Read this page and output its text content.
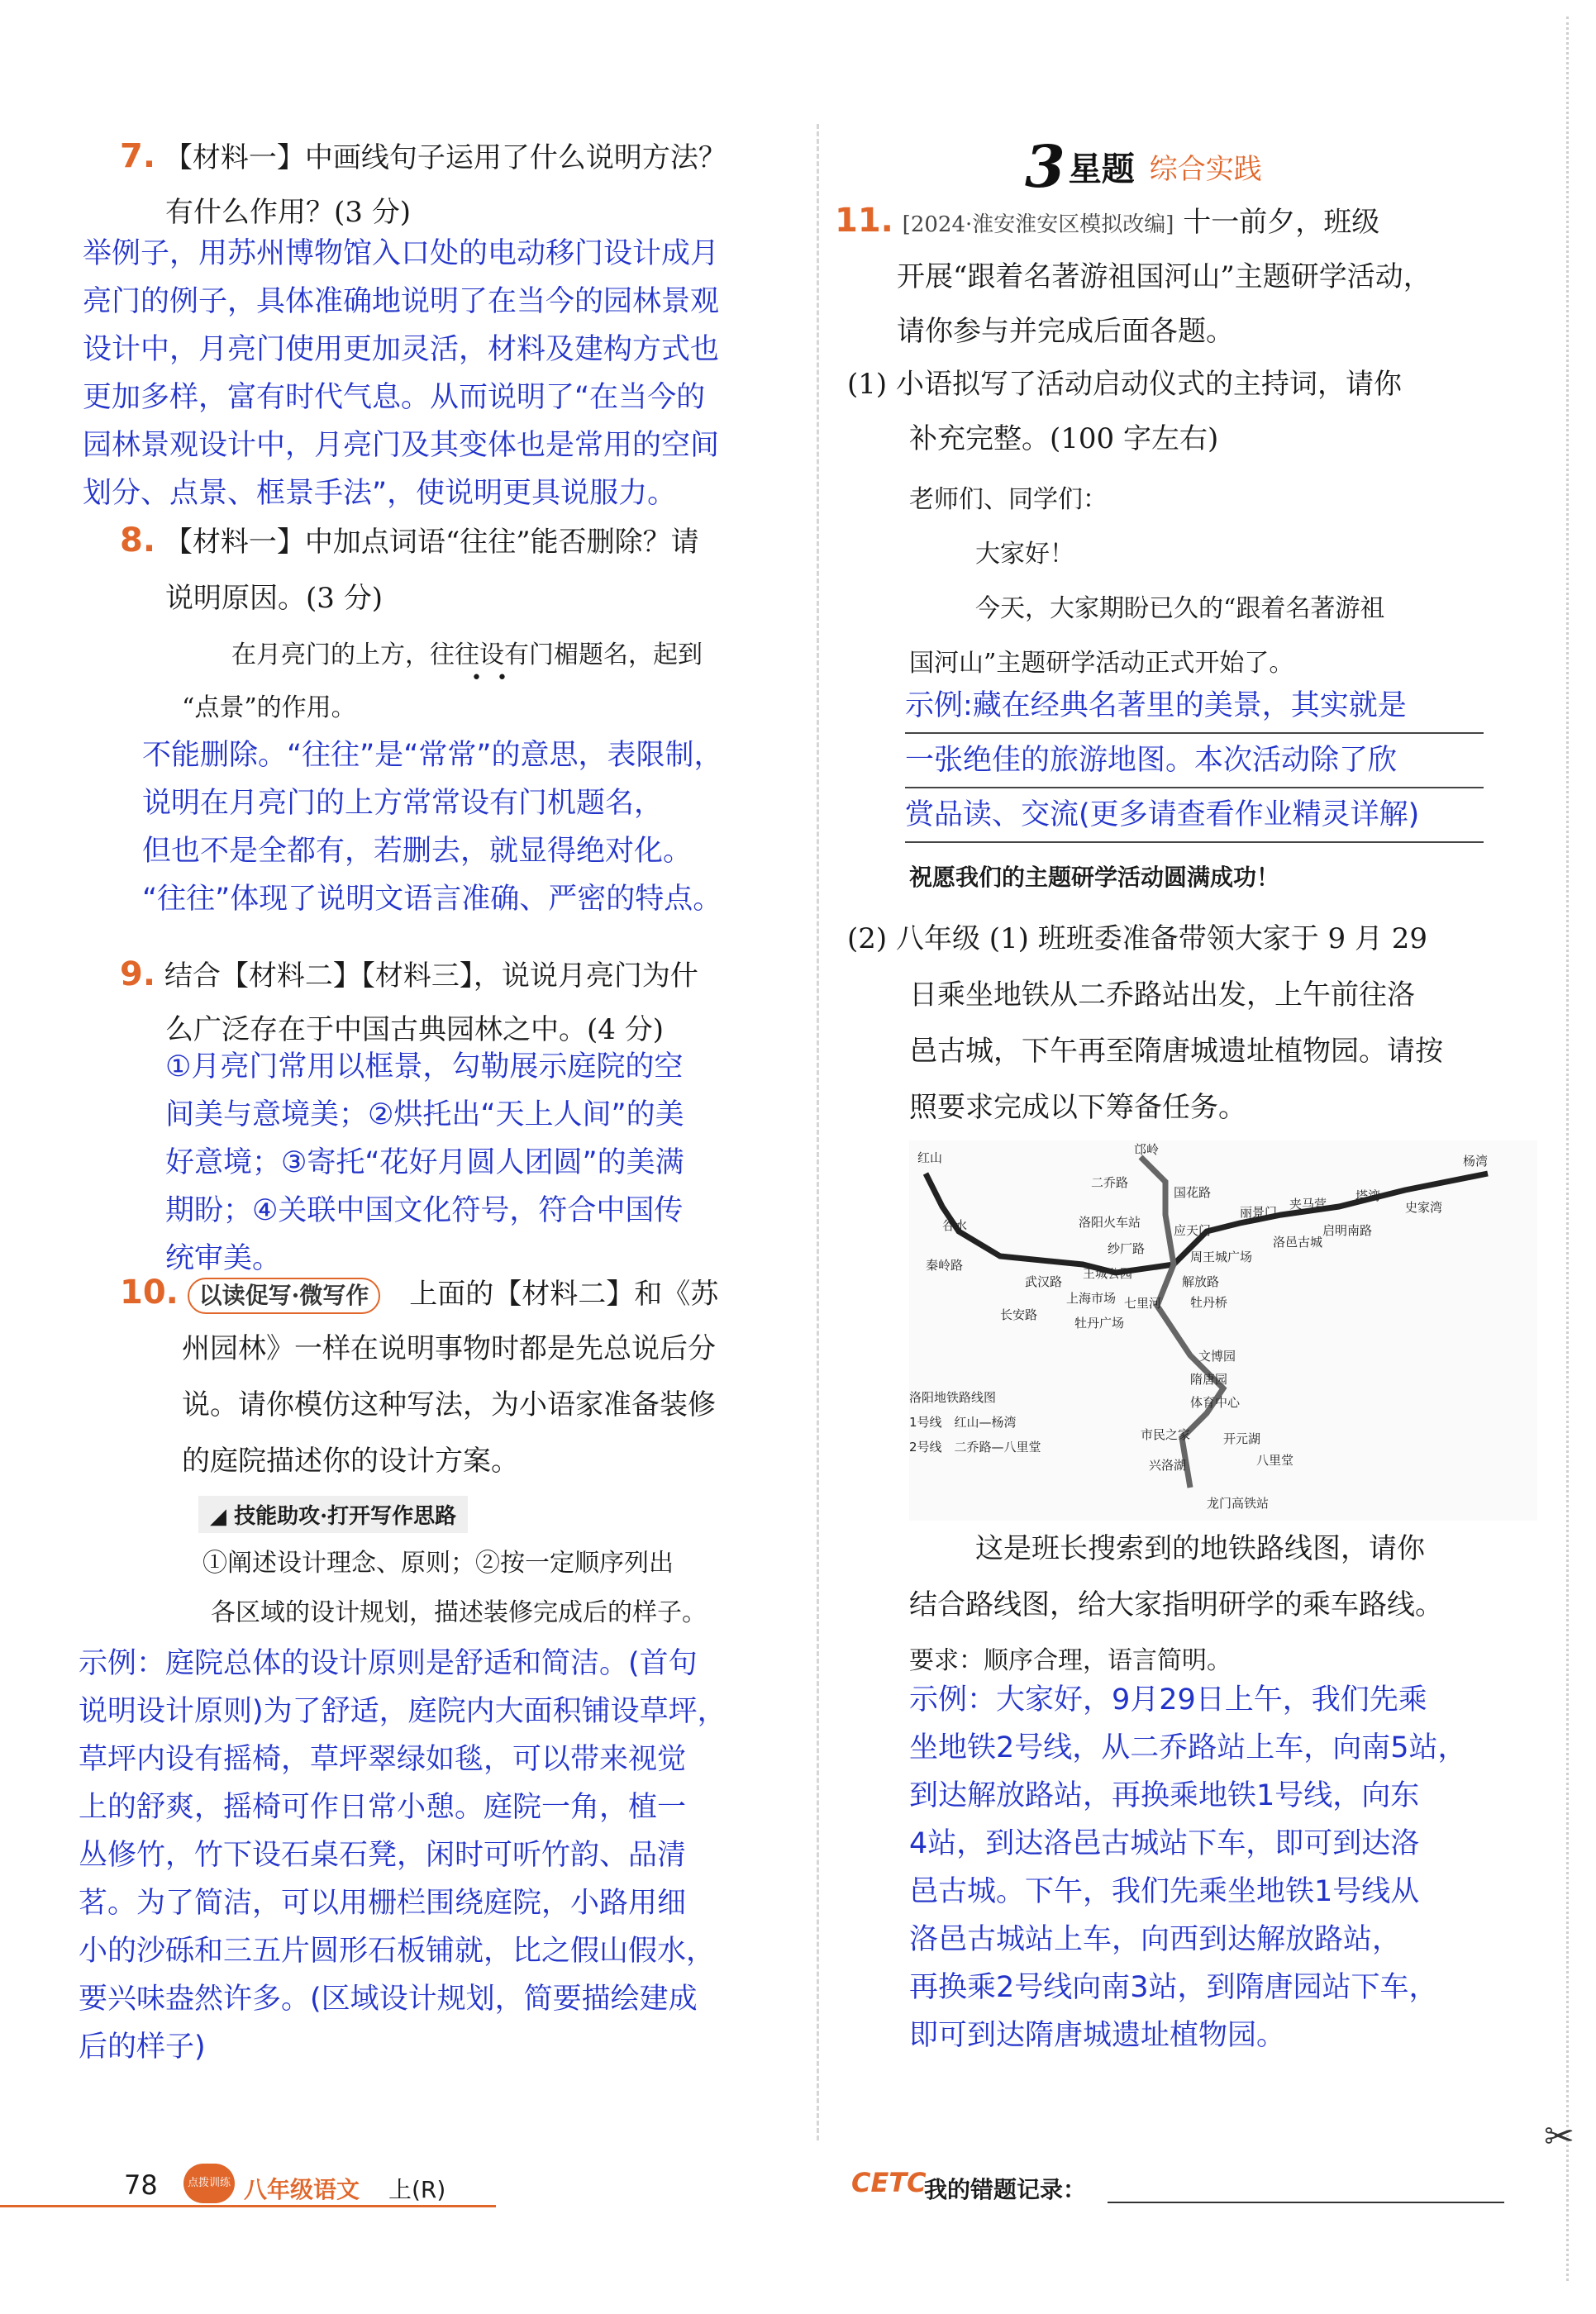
✂
7. 【材料一】中画线句子运用了什么说明方法？
有什么作用？(3 分)
举例子，用苏州博物馆入口处的电动移门设计成月
亮门的例子，具体准确地说明了在当今的园林景观
设计中，月亮门使用更加灵活，材料及建构方式也
更加多样，富有时代气息。从而说明了“在当今的
园林景观设计中，月亮门及其变体也是常用的空间
划分、点景、框景手法”，使说明更具说服力。
8. 【材料一】中加点词语“往往”能否删除？请
说明原因。(3 分)
在月亮门的上方，往往设有门楣题名，起到
“点景”的作用。
••
不能删除。“往往”是“常常”的意思，表限制，
说明在月亮门的上方常常设有门机题名，
但也不是全都有，若删去，就显得绝对化。
“往往”体现了说明文语言准确、严密的特点。
9. 结合【材料二】【材料三】，说说月亮门为什
么广泛存在于中国古典园林之中。(4 分)
①月亮门常用以框景，勾勒展示庭院的空
间美与意境美；②烘托出“天上人间”的美
好意境；③寄托“花好月圆人团圆”的美满
期盼；④关联中国文化符号，符合中国传
统审美。
10. 以读促写·微写作 上面的【材料二】和《苏
州园林》一样在说明事物时都是先总说后分
说。请你模仿这种写法，为小语家准备装修
的庭院描述你的设计方案。
◢ 技能助攻·打开写作思路
①阐述设计理念、原则；②按一定顺序列出
各区域的设计规划，描述装修完成后的样子。
示例：庭院总体的设计原则是舒适和简洁。(首句
说明设计原则)为了舒适，庭院内大面积铺设草坪，
草坪内设有摇椅，草坪翠绿如毯，可以带来视觉
上的舒爽，摇椅可作日常小憩。庭院一角，植一
丛修竹，竹下设石桌石凳，闲时可听竹韵、品清
茗。为了简洁，可以用栅栏围绕庭院，小路用细
小的沙砾和三五片圆形石板铺就，比之假山假水，
要兴味盎然许多。(区域设计规划，简要描绘建成
后的样子)
3 星题 综合实践
11. [2024·淮安淮安区模拟改编] 十一前夕，班级
开展“跟着名著游祖国河山”主题研学活动，
请你参与并完成后面各题。
(1) 小语拟写了活动启动仪式的主持词，请你
补充完整。(100 字左右)
老师们、同学们：
大家好！
今天，大家期盼已久的“跟着名著游祖
国河山”主题研学活动正式开始了。
示例:藏在经典名著里的美景，其实就是
一张绝佳的旅游地图。本次活动除了欣
赏品读、交流(更多请查看作业精灵详解)
祝愿我们的主题研学活动圆满成功！
(2) 八年级 (1) 班班委准备带领大家于 9 月 29
日乘坐地铁从二乔路站出发，上午前往洛
邑古城，下午再至隋唐城遗址植物园。请按
照要求完成以下筹备任务。
红山
邙岭
二乔路
国花路
洛阳火车站
谷水
秦岭路
武汉路
长安路
上海市场
王城公园
纱厂路
应天门
丽景门
夹马营
塔湾
杨湾
史家湾
启明南路
周王城广场
洛邑古城
解放路
七里河
牡丹广场
牡丹桥
文博园
隋唐园
体育中心
市民之家	开元湖
八里堂
兴洛湖
龙门高铁站
洛阳地铁路线图
1号线　红山—杨湾
2号线　二乔路—八里堂
这是班长搜索到的地铁路线图，请你
结合路线图，给大家指明研学的乘车路线。
要求：顺序合理，语言简明。
示例：大家好，9月29日上午，我们先乘
坐地铁2号线，从二乔路站上车，向南5站，
到达解放路站，再换乘地铁1号线，向东
4站，到达洛邑古城站下车，即可到达洛
邑古城。下午，我们先乘坐地铁1号线从
洛邑古城站上车，向西到达解放路站，
再换乘2号线向南3站，到隋唐园站下车，
即可到达隋唐城遗址植物园。
78	点拨训练 八年级语文 上(R)	CETC
我的错题记录：
